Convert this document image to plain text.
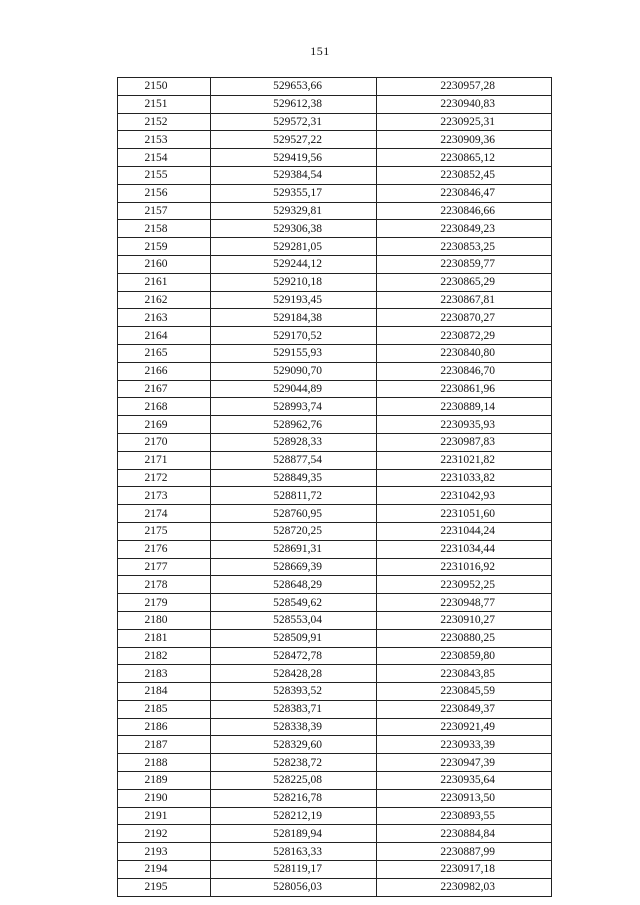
151
2150	529653,66	2230957,28
2151	529612,38	2230940,83
2152	529572,31	2230925,31
2153	529527,22	2230909,36
2154	529419,56	2230865,12
2155	529384,54	2230852,45
2156	529355,17	2230846,47
2157	529329,81	2230846,66
2158	529306,38	2230849,23
2159	529281,05	2230853,25
2160	529244,12	2230859,77
2161	529210,18	2230865,29
2162	529193,45	2230867,81
2163	529184,38	2230870,27
2164	529170,52	2230872,29
2165	529155,93	2230840,80
2166	529090,70	2230846,70
2167	529044,89	2230861,96
2168	528993,74	2230889,14
2169	528962,76	2230935,93
2170	528928,33	2230987,83
2171	528877,54	2231021,82
2172	528849,35	2231033,82
2173	528811,72	2231042,93
2174	528760,95	2231051,60
2175	528720,25	2231044,24
2176	528691,31	2231034,44
2177	528669,39	2231016,92
2178	528648,29	2230952,25
2179	528549,62	2230948,77
2180	528553,04	2230910,27
2181	528509,91	2230880,25
2182	528472,78	2230859,80
2183	528428,28	2230843,85
2184	528393,52	2230845,59
2185	528383,71	2230849,37
2186	528338,39	2230921,49
2187	528329,60	2230933,39
2188	528238,72	2230947,39
2189	528225,08	2230935,64
2190	528216,78	2230913,50
2191	528212,19	2230893,55
2192	528189,94	2230884,84
2193	528163,33	2230887,99
2194	528119,17	2230917,18
2195	528056,03	2230982,03
